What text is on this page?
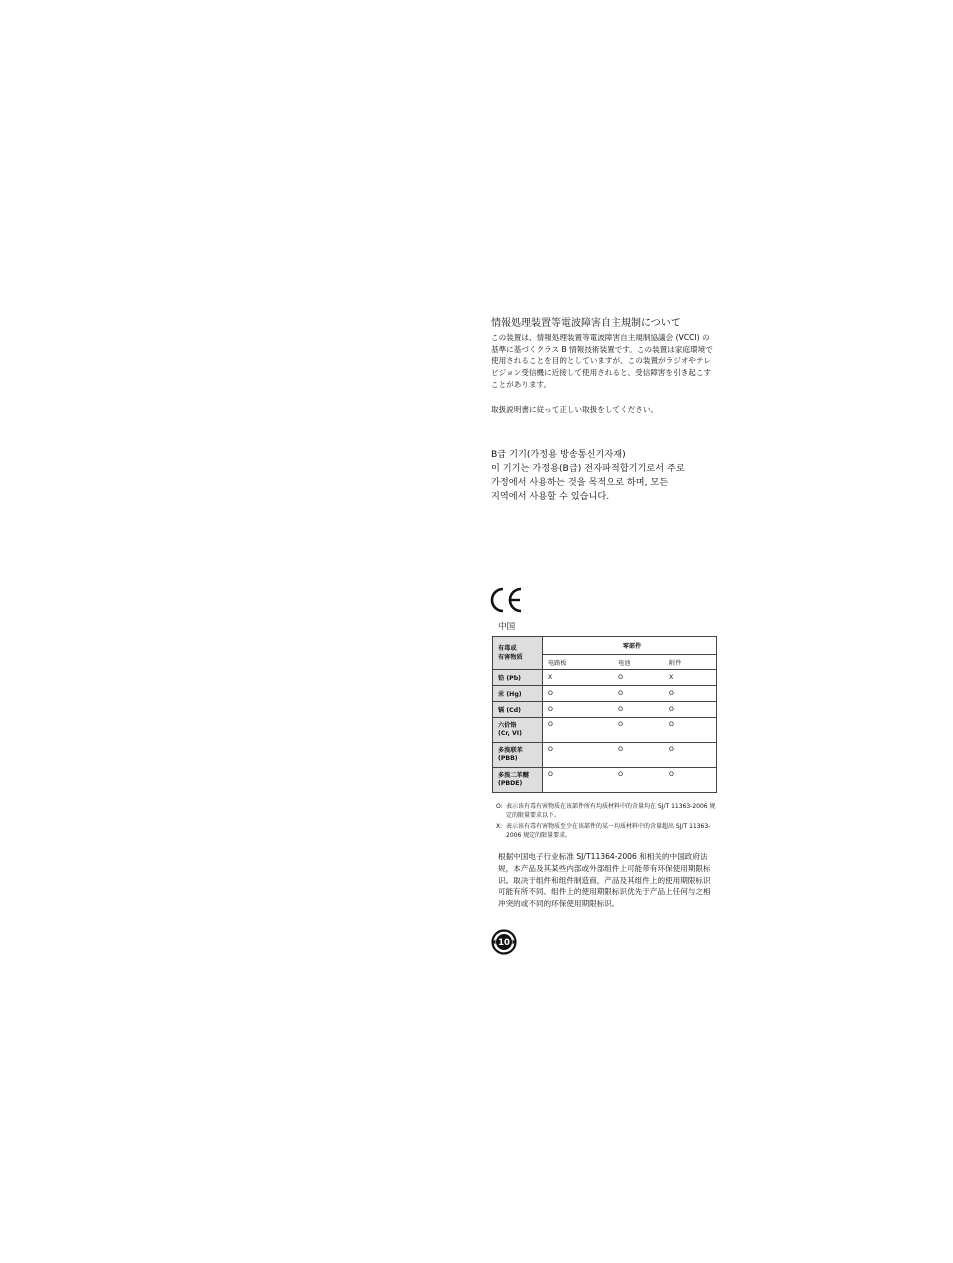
情報処理装置等電波障害自主規制について
この装置は、情報処理装置等電波障害自主規制協議会 (VCCI) の基準に基づくクラス B 情報技術装置です。この装置は家庭環境で使用されることを目的としていますが、この装置がラジオやテレビジョン受信機に近接して使用されると、受信障害を引き起こすことがあります。
取扱説明書に従って正しい取扱をしてください。
B급 기기(가정용 방송통신기자재)
이 기기는 가정용(B급) 전자파적합기기로서 주로
가정에서 사용하는 것을 목적으로 하며, 모든
지역에서 사용할 수 있습니다.
中国
有毒或
有害物质	零部件		
	电路板	电池	附件
铅 (Pb)	X	O	X
汞 (Hg)	O	O	O
镉 (Cd)	O	O	O
六价铬
(Cr, VI)	O	O	O
多溴联苯
(PBB)	O	O	O
多溴二苯醚
(PBDE)	O	O	O
O: 表示该有毒有害物质在该部件所有均质材料中的含量均在 SJ/T 11363-2006 规定的限量要求以下。
X: 表示该有毒有害物质至少在该部件的某一均质材料中的含量超出 SJ/T 11363-2006 规定的限量要求。
根据中国电子行业标准 SJ/T11364-2006 和相关的中国政府法规，本产品及其某些内部或外部组件上可能带有环保使用期限标识。取决于组件和组件制造商，产品及其组件上的使用期限标识可能有所不同。组件上的使用期限标识优先于产品上任何与之相冲突的或不同的环保使用期限标识。
10
